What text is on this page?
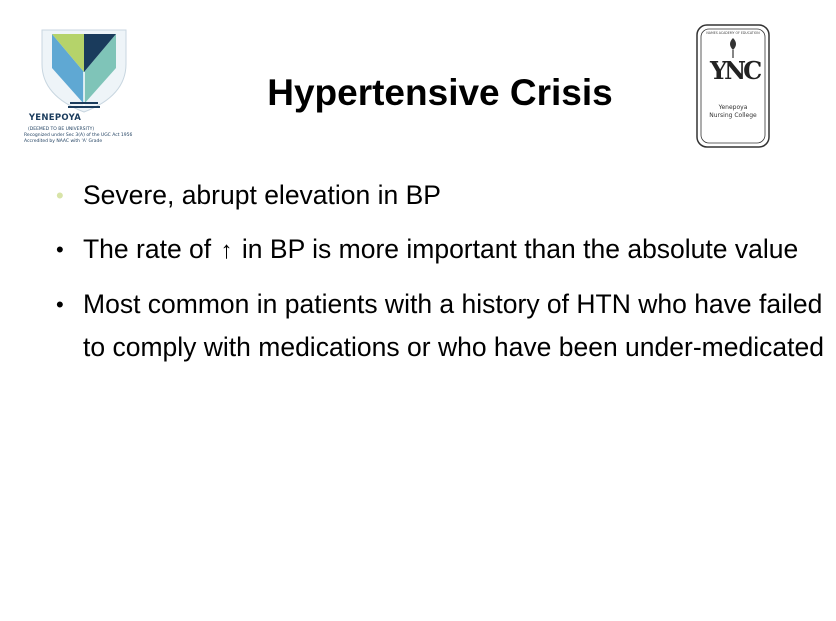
YENEPOYA
(DEEMED TO BE UNIVERSITY)
Recognized under Sec 3(A) of the UGC Act 1956
Accredited by NAAC with 'A' Grade
Hypertensive Crisis
NAMES ACADEMY OF EDUCATION
YNC
Yenepoya
Nursing College
• Severe, abrupt elevation in BP
• The rate of ↑ in BP is more important than the absolute value
• Most common in patients with a history of HTN who have failed to comply with medications or who have been under-medicated
